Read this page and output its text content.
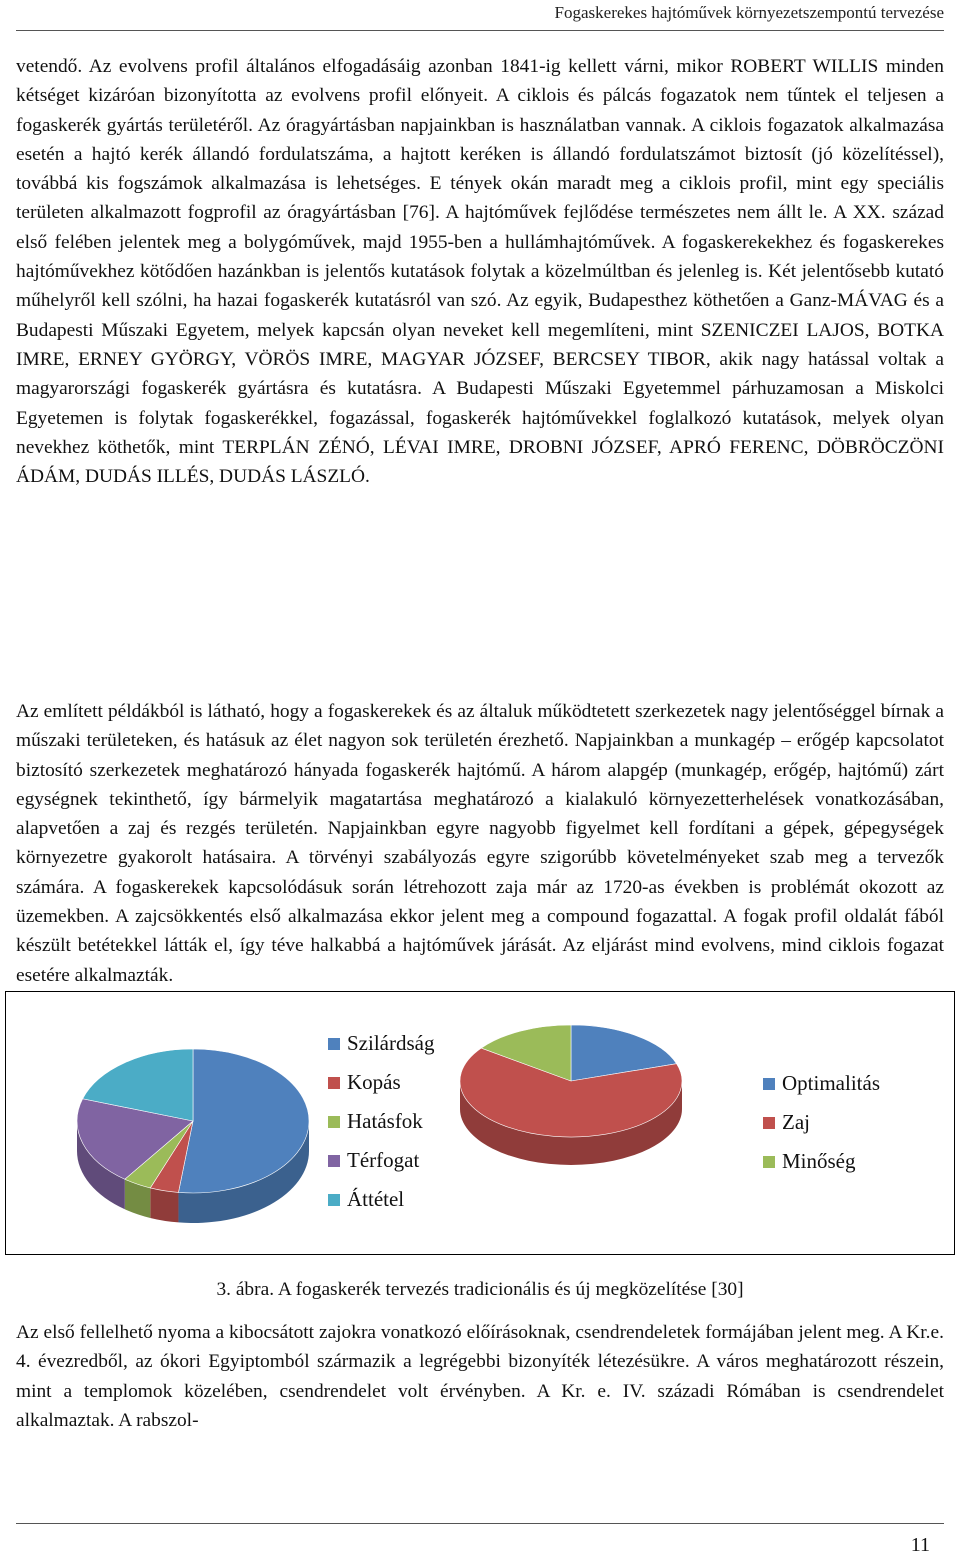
Fogaskerekes hajtóművek környezetszempontú tervezése

vetendő. Az evolvens profil általános elfogadásáig azonban 1841-ig kellett várni, mikor ROBERT WILLIS minden kétséget kizáróan bizonyította az evolvens profil előnyeit. A ciklois és pálcás fogazatok nem tűntek el teljesen a fogaskerék gyártás területéről. Az óragyártásban napjainkban is használatban vannak. A ciklois fogazatok alkalmazása esetén a hajtó kerék állandó fordulatszáma, a hajtott keréken is állandó fordulatszámot biztosít (jó közelítéssel), továbbá kis fogszámok alkalmazása is lehetséges. E tények okán maradt meg a ciklois profil, mint egy speciális területen alkalmazott fogprofil az óragyártásban [76]. A hajtóművek fejlődése természetes nem állt le. A XX. század első felében jelentek meg a bolygóművek, majd 1955-ben a hullámhajtóművek. A fogaskerekekhez és fogaskerekes hajtóművekhez kötődően hazánkban is jelentős kutatások folytak a közelmúltban és jelenleg is. Két jelentősebb kutató műhelyről kell szólni, ha hazai fogaskerék kutatásról van szó. Az egyik, Budapesthez köthetően a Ganz-MÁVAG és a Budapesti Műszaki Egyetem, melyek kapcsán olyan neveket kell megemlíteni, mint SZENICZEI LAJOS, BOTKA IMRE, ERNEY GYÖRGY, VÖRÖS IMRE, MAGYAR JÓZSEF, BERCSEY TIBOR, akik nagy hatással voltak a magyarországi fogaskerék gyártásra és kutatásra. A Budapesti Műszaki Egyetemmel párhuzamosan a Miskolci Egyetemen is folytak fogaskerékkel, fogazással, fogaskerék hajtóművekkel foglalkozó kutatások, melyek olyan nevekhez köthetők, mint TERPLÁN ZÉNÓ, LÉVAI IMRE, DROBNI JÓZSEF, APRÓ FERENC, DÖBRÖCZÖNI ÁDÁM, DUDÁS ILLÉS, DUDÁS LÁSZLÓ.

Az említett példákból is látható, hogy a fogaskerekek és az általuk működtetett szerkezetek nagy jelentőséggel bírnak a műszaki területeken, és hatásuk az élet nagyon sok területén érezhető. Napjainkban a munkagép – erőgép kapcsolatot biztosító szerkezetek meghatározó hányada fogaskerék hajtómű. A három alapgép (munkagép, erőgép, hajtómű) zárt egységnek tekinthető, így bármelyik magatartása meghatározó a kialakuló környezetterhelések vonatkozásában, alapvetően a zaj és rezgés területén. Napjainkban egyre nagyobb figyelmet kell fordítani a gépek, gépegységek környezetre gyakorolt hatásaira. A törvényi szabályozás egyre szigorúbb követelményeket szab meg a tervezők számára. A fogaskerekek kapcsolódásuk során létrehozott zaja már az 1720-as években is problémát okozott az üzemekben. A zajcsökkentés első alkalmazása ekkor jelent meg a compound fogazattal. A fogak profil oldalát fából készült betétekkel látták el, így téve halkabbá a hajtóművek járását. Az eljárást mind evolvens, mind ciklois fogazat esetére alkalmazták.

Szilárdság
Kopás
Hatásfok
Térfogat
Áttétel
Optimalitás
Zaj
Minőség
3. ábra. A fogaskerék tervezés tradicionális és új megközelítése [30]

Az első fellelhető nyoma a kibocsátott zajokra vonatkozó előírásoknak, csendrendeletek formájában jelent meg. A Kr.e. 4. évezredből, az ókori Egyiptomból származik a legrégebbi bizonyíték létezésükre. A város meghatározott részein, mint a templomok közelében, csendrendelet volt érvényben. A Kr. e. IV. századi Rómában is csendrendelet alkalmaztak. A rabszol-

11
